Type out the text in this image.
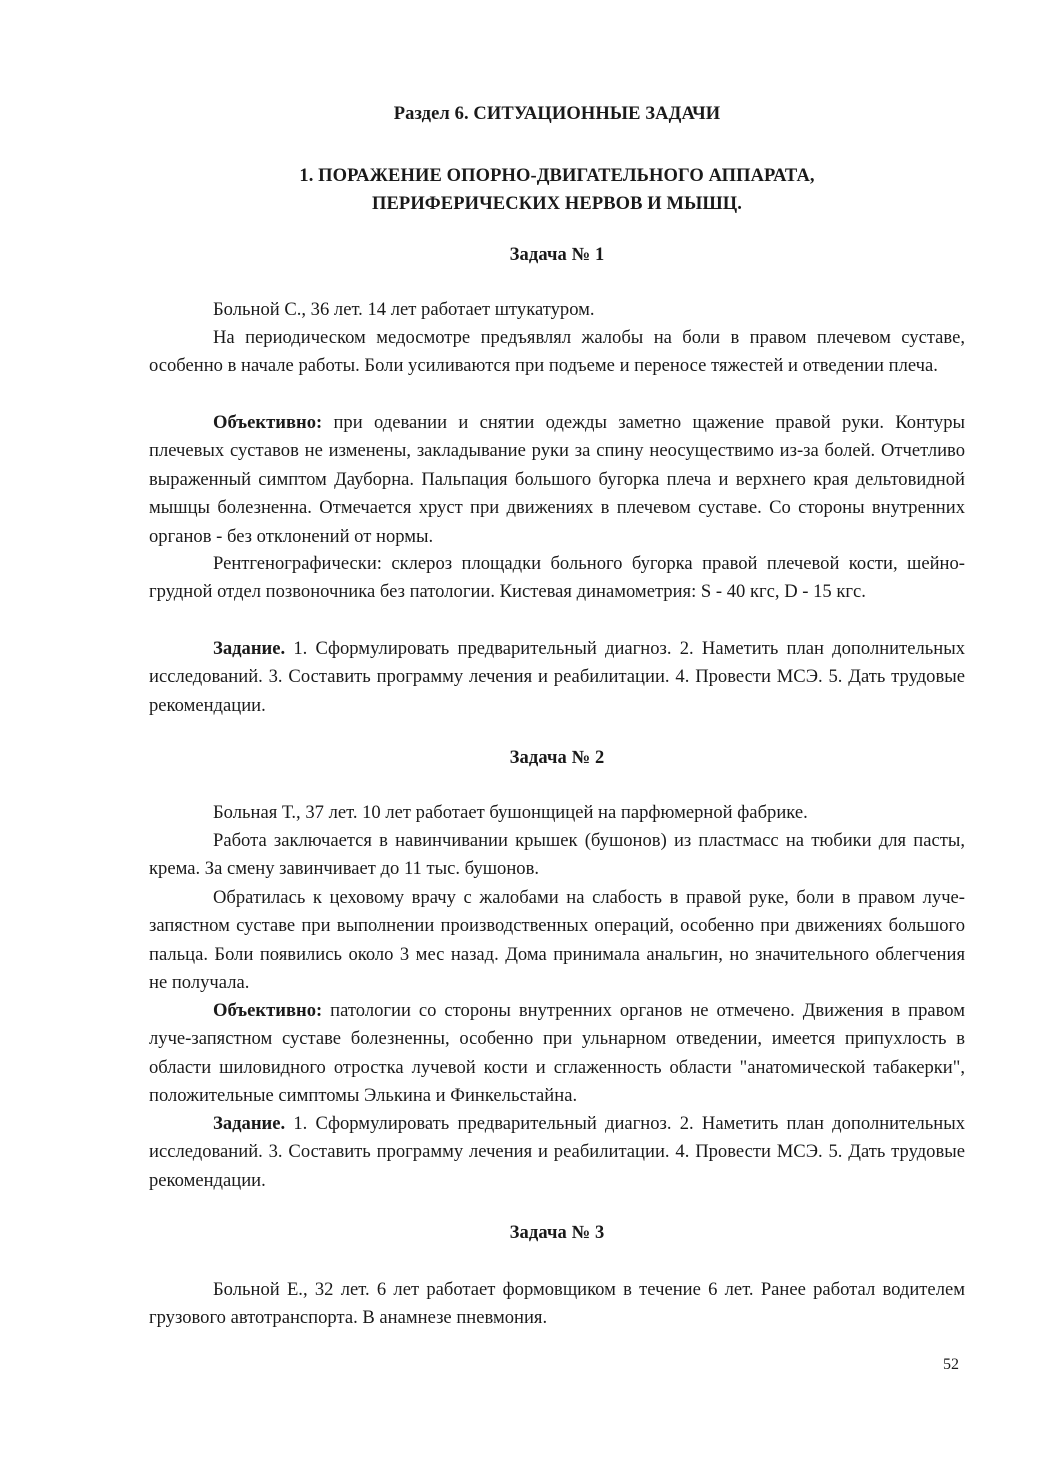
Раздел 6. СИТУАЦИОННЫЕ ЗАДАЧИ
1. ПОРАЖЕНИЕ ОПОРНО-ДВИГАТЕЛЬНОГО АППАРАТА,
ПЕРИФЕРИЧЕСКИХ НЕРВОВ И МЫШЦ.
Задача № 1

Больной С., 36 лет. 14 лет работает штукатуром.

На периодическом медосмотре предъявлял жалобы на боли в правом плечевом суставе, особенно в начале работы. Боли усиливаются при подъеме и переносе тяжестей и отведении плеча.

Объективно: при одевании и снятии одежды заметно щажение правой руки. Контуры плечевых суставов не изменены, закладывание руки за спину неосуществимо из-за болей. Отчетливо выраженный симптом Дауборна. Пальпация большого бугорка плеча и верхнего края дельтовидной мышцы болезненна. Отмечается хруст при движениях в плечевом суставе. Со стороны внутренних органов - без отклонений от нормы.

Рентгенографически: склероз площадки больного бугорка правой плечевой кости, шейно-грудной отдел позвоночника без патологии. Кистевая динамометрия: S - 40 кгс, D - 15 кгс.

Задание. 1. Сформулировать предварительный диагноз. 2. Наметить план дополнительных исследований. 3. Составить программу лечения и реабилитации. 4. Провести МСЭ. 5. Дать трудовые рекомендации.

Задача № 2

Больная Т., 37 лет. 10 лет работает бушонщицей на парфюмерной фабрике.

Работа заключается в навинчивании крышек (бушонов) из пластмасс на тюбики для пасты, крема. За смену завинчивает до 11 тыс. бушонов.

Обратилась к цеховому врачу с жалобами на слабость в правой руке, боли в правом луче-запястном суставе при выполнении производственных операций, особенно при движениях большого пальца. Боли появились около 3 мес назад. Дома принимала анальгин, но значительного облегчения не получала.

Объективно: патологии со стороны внутренних органов не отмечено. Движения в правом луче-запястном суставе болезненны, особенно при ульнарном отведении, имеется припухлость в области шиловидного отростка лучевой кости и сглаженность области "анатомической табакерки", положительные симптомы Элькина и Финкельстайна.

Задание. 1. Сформулировать предварительный диагноз. 2. Наметить план дополнительных исследований. 3. Составить программу лечения и реабилитации. 4. Провести МСЭ. 5. Дать трудовые рекомендации.

Задача № 3

Больной Е., 32 лет. 6 лет работает формовщиком в течение 6 лет. Ранее работал водителем грузового автотранспорта. В анамнезе пневмония.

52
